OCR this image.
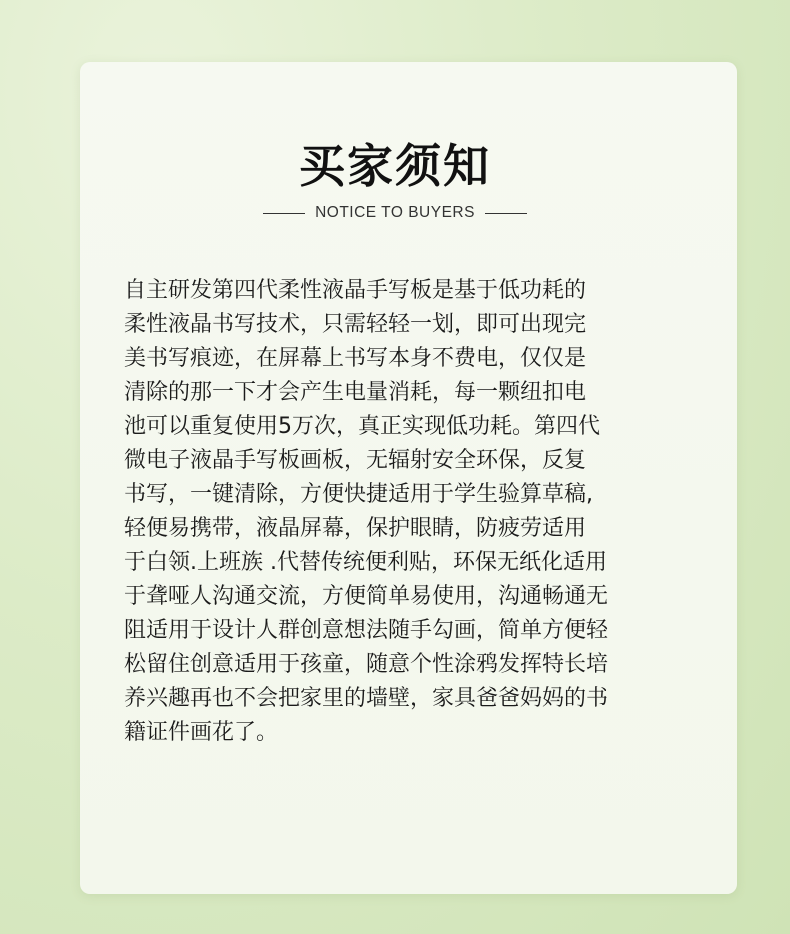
买家须知
NOTICE TO BUYERS
自主研发第四代柔性液晶手写板是基于低功耗的
柔性液晶书写技术，只需轻轻一划，即可出现完
美书写痕迹，在屏幕上书写本身不费电，仅仅是
清除的那一下才会产生电量消耗，每一颗纽扣电
池可以重复使用5万次，真正实现低功耗。第四代
微电子液晶手写板画板，无辐射安全环保，反复
书写，一键清除，方便快捷适用于学生验算草稿,
轻便易携带，液晶屏幕，保护眼睛，防疲劳适用
于白领.上班族 .代替传统便利贴，环保无纸化适用
于聋哑人沟通交流，方便简单易使用，沟通畅通无
阻适用于设计人群创意想法随手勾画，简单方便轻
松留住创意适用于孩童，随意个性涂鸦发挥特长培
养兴趣再也不会把家里的墙壁，家具爸爸妈妈的书
籍证件画花了。
